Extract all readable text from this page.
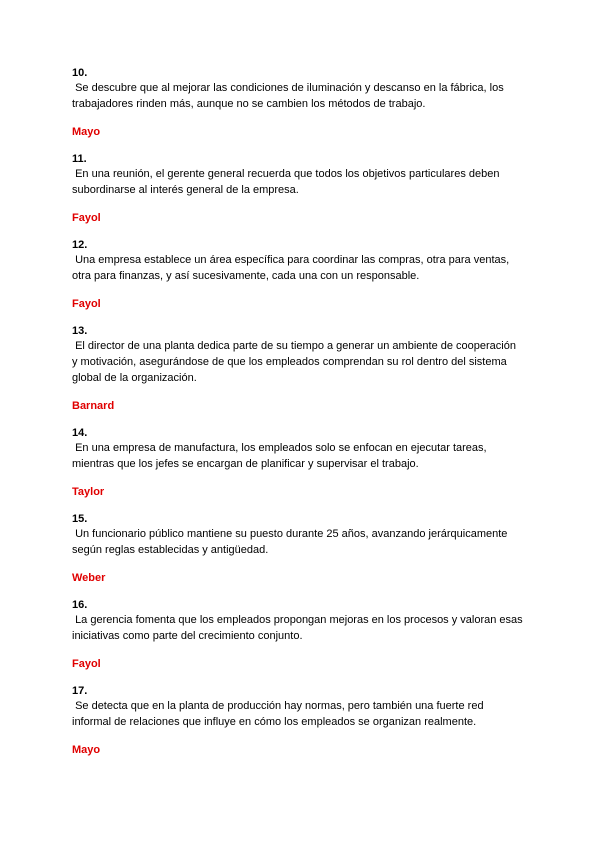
10.
Se descubre que al mejorar las condiciones de iluminación y descanso en la fábrica, los
trabajadores rinden más, aunque no se cambien los métodos de trabajo.
Mayo
11.
En una reunión, el gerente general recuerda que todos los objetivos particulares deben
subordinarse al interés general de la empresa.
Fayol
12.
Una empresa establece un área específica para coordinar las compras, otra para ventas,
otra para finanzas, y así sucesivamente, cada una con un responsable.
Fayol
13.
El director de una planta dedica parte de su tiempo a generar un ambiente de cooperación
y motivación, asegurándose de que los empleados comprendan su rol dentro del sistema
global de la organización.
Barnard
14.
En una empresa de manufactura, los empleados solo se enfocan en ejecutar tareas,
mientras que los jefes se encargan de planificar y supervisar el trabajo.
Taylor
15.
Un funcionario público mantiene su puesto durante 25 años, avanzando jerárquicamente
según reglas establecidas y antigüedad.
Weber
16.
La gerencia fomenta que los empleados propongan mejoras en los procesos y valoran esas
iniciativas como parte del crecimiento conjunto.
Fayol
17.
Se detecta que en la planta de producción hay normas, pero también una fuerte red
informal de relaciones que influye en cómo los empleados se organizan realmente.
Mayo
